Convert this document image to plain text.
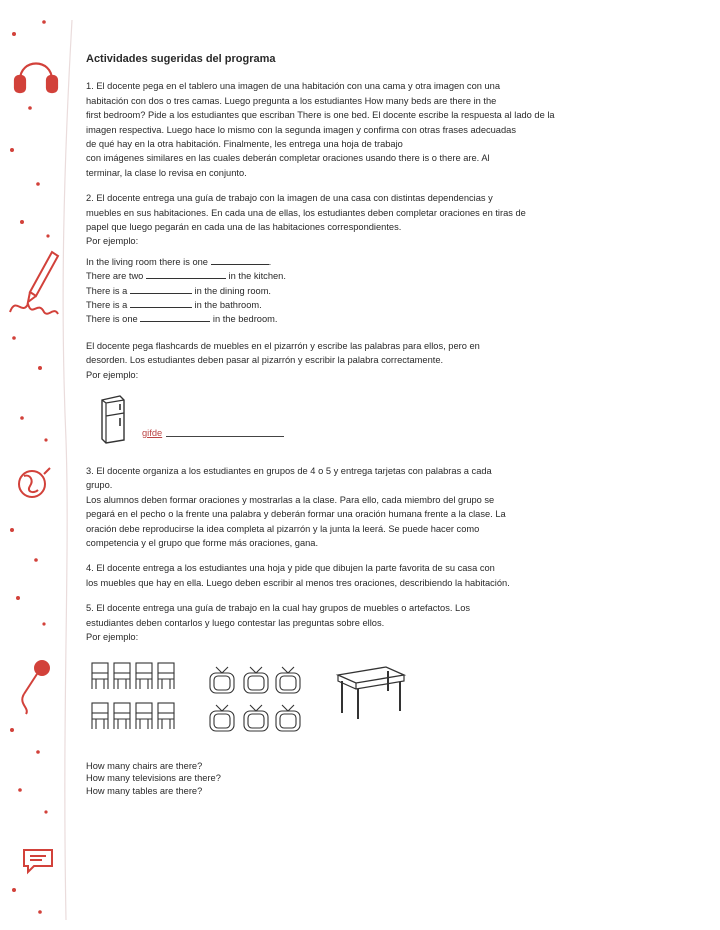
Actividades sugeridas del programa

1. El docente pega en el tablero una imagen de una habitación con una cama y otra imagen con una

habitación con dos o tres camas. Luego pregunta a los estudiantes How many beds are there in the

first bedroom? Pide a los estudiantes que escriban There is one bed. El docente escribe la respuesta al lado de la

imagen respectiva. Luego hace lo mismo con la segunda imagen y confirma con otras frases adecuadas

de qué hay en la otra habitación. Finalmente, les entrega una hoja de trabajo

con imágenes similares en las cuales deberán completar oraciones usando there is o there are. Al

terminar, la clase lo revisa en conjunto.

2. El docente entrega una guía de trabajo con la imagen de una casa con distintas dependencias y

muebles en sus habitaciones. En cada una de ellas, los estudiantes deben completar oraciones en tiras de

papel que luego pegarán en cada una de las habitaciones correspondientes.

Por ejemplo:

In the living room there is one	.
There are two	in the kitchen.
There is a	in the dining room.
There is a	in the bathroom.
There is one	in the bedroom.

El docente pega flashcards de muebles en el pizarrón y escribe las palabras para ellos, pero en

desorden. Los estudiantes deben pasar al pizarrón y escribir la palabra correctamente.

Por ejemplo:

gifde

3. El docente organiza a los estudiantes en grupos de 4 o 5 y entrega tarjetas con palabras a cada

grupo.

Los alumnos deben formar oraciones y mostrarlas a la clase. Para ello, cada miembro del grupo se

pegará en el pecho o la frente una palabra y deberán formar una oración humana frente a la clase. La

oración debe reproducirse la idea completa al pizarrón y la junta la leerá. Se puede hacer como

competencia y el grupo que forme más oraciones, gana.

4. El docente entrega a los estudiantes una hoja y pide que dibujen la parte favorita de su casa con

los muebles que hay en ella. Luego deben escribir al menos tres oraciones, describiendo la habitación.

5. El docente entrega una guía de trabajo en la cual hay grupos de muebles o artefactos. Los

estudiantes deben contarlos y luego contestar las preguntas sobre ellos.

Por ejemplo:

How many chairs are there?
How many televisions are there?
How many tables are there?
